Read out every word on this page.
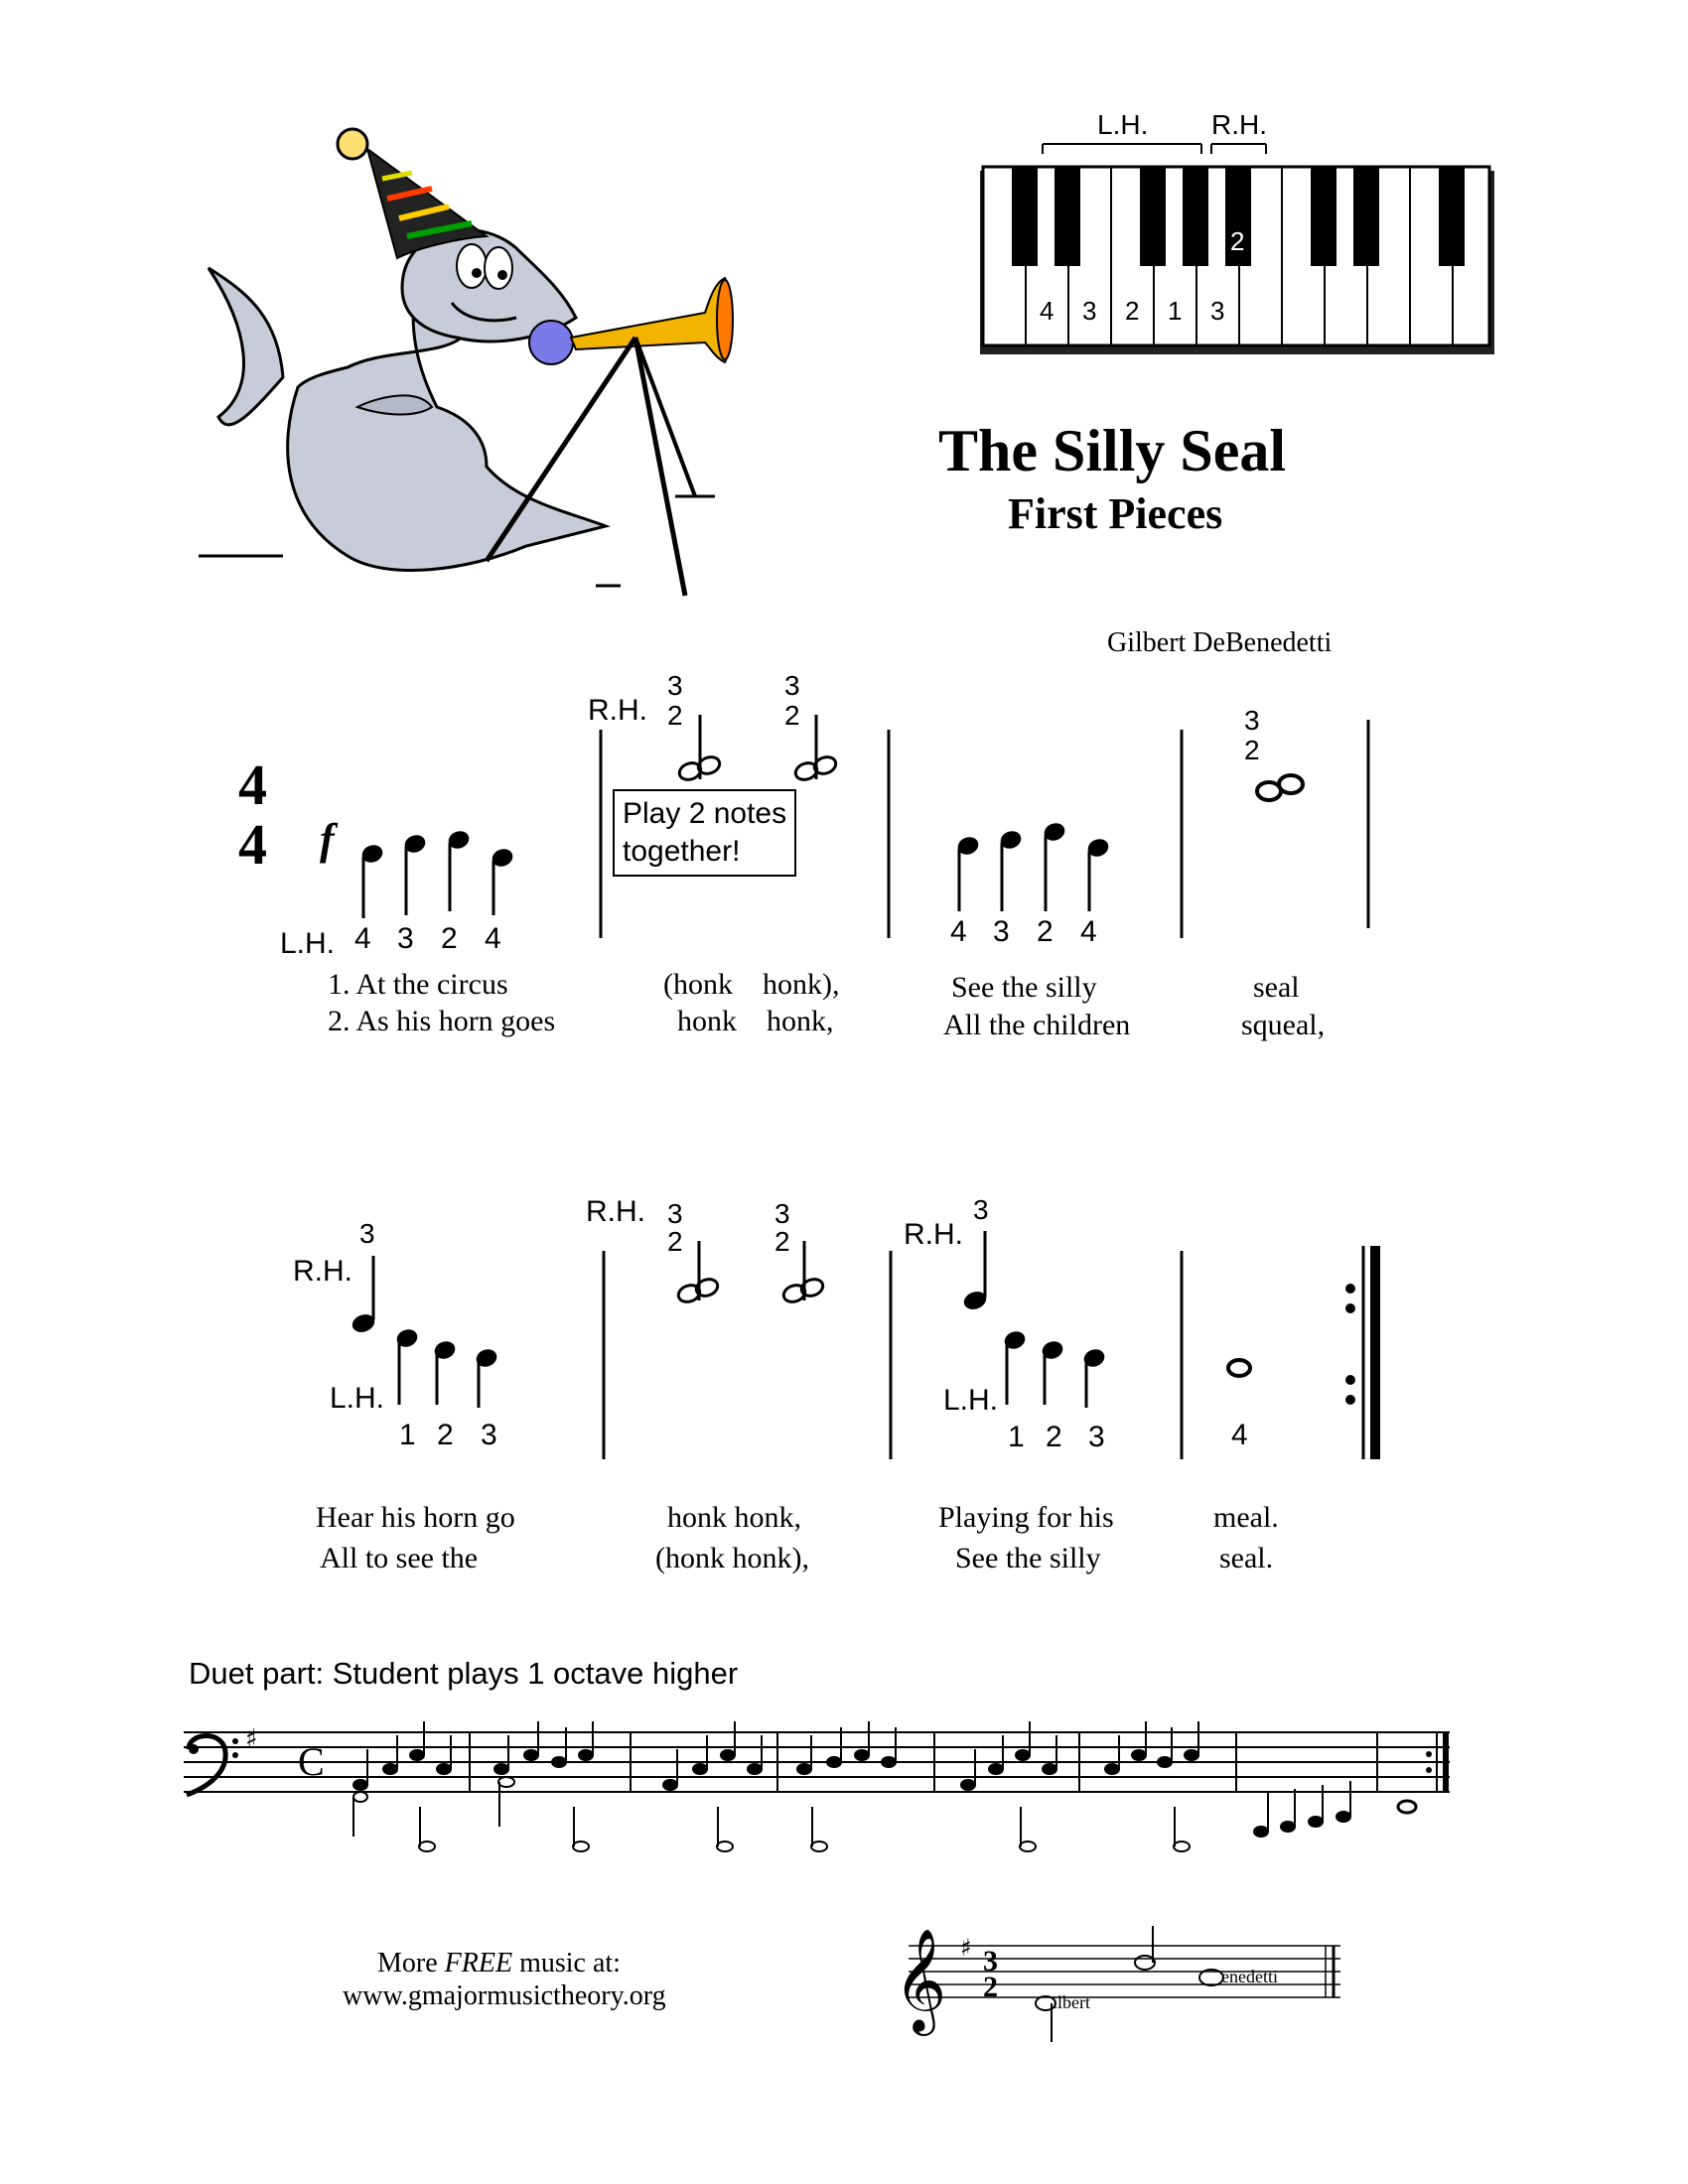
L.H. R.H.
4 3 2 1 3
2
The Silly Seal
First Pieces
Gilbert DeBenedetti
4
4 f
L.H. 4 3 2 4
R.H.
3
2
3
2
4 3 2 4
3
2
Play 2 notes
together!
1. At the circus	(honk    honk),	See the silly	seal
2. As his horn goes	honk    honk,	All the children	squeal,
R.H.
3
L.H.
1 2 3
R.H. 3
2
3
2	R.H.
3
L.H.
1 2 3	4
Hear his horn go	honk honk,	Playing for his	meal.
All to see the	(honk honk),	See the silly	seal.
Duet part: Student plays 1 octave higher
♯ C
More FREE music at:
www.gmajormusictheory.org	𝄞 ♯ 3
2	ilbert
enedetti
